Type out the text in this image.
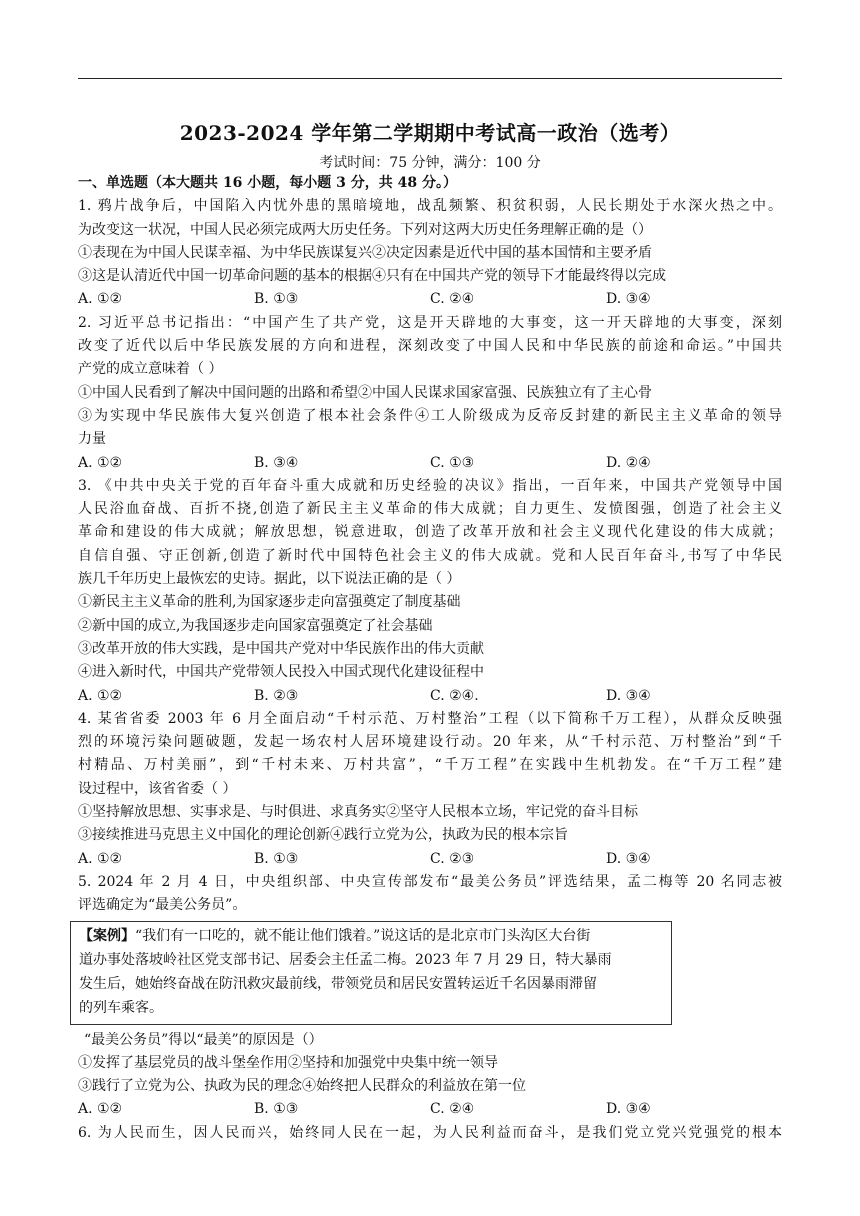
2023-2024 学年第二学期期中考试高一政治（选考）
考试时间：75 分钟，满分：100 分
一、单选题（本大题共 16 小题，每小题 3 分，共 48 分。）
1. 鸦片战争后，中国陷入内忧外患的黑暗境地，战乱频繁、积贫积弱，人民长期处于水深火热之中。
为改变这一状况，中国人民必须完成两大历史任务。下列对这两大历史任务理解正确的是（）
①表现在为中国人民谋幸福、为中华民族谋复兴②决定因素是近代中国的基本国情和主要矛盾
③这是认清近代中国一切革命问题的基本的根据④只有在中国共产党的领导下才能最终得以完成
A. ①②	B. ①③	C. ②④	D. ③④
2. 习近平总书记指出：“中国产生了共产党，这是开天辟地的大事变，这一开天辟地的大事变，深刻
改变了近代以后中华民族发展的方向和进程，深刻改变了中国人民和中华民族的前途和命运。”中国共
产党的成立意味着（ ）
①中国人民看到了解决中国问题的出路和希望②中国人民谋求国家富强、民族独立有了主心骨
③为实现中华民族伟大复兴创造了根本社会条件④工人阶级成为反帝反封建的新民主主义革命的领导
力量
A. ①②	B. ③④	C. ①③	D. ②④
3. 《中共中央关于党的百年奋斗重大成就和历史经验的决议》指出，一百年来，中国共产党领导中国
人民浴血奋战、百折不挠,创造了新民主主义革命的伟大成就；自力更生、发愤图强，创造了社会主义
革命和建设的伟大成就；解放思想，锐意进取，创造了改革开放和社会主义现代化建设的伟大成就；
自信自强、守正创新,创造了新时代中国特色社会主义的伟大成就。党和人民百年奋斗,书写了中华民
族几千年历史上最恢宏的史诗。据此，以下说法正确的是（ ）
①新民主主义革命的胜利,为国家逐步走向富强奠定了制度基础
②新中国的成立,为我国逐步走向国家富强奠定了社会基础
③改革开放的伟大实践，是中国共产党对中华民族作出的伟大贡献
④进入新时代，中国共产党带领人民投入中国式现代化建设征程中
A. ①②	B. ②③	C. ②④.	D. ③④
4. 某省省委 2003 年 6 月全面启动“千村示范、万村整治”工程（以下简称千万工程），从群众反映强
烈的环境污染问题破题，发起一场农村人居环境建设行动。20 年来，从“千村示范、万村整治”到“千
村精品、万村美丽”，到“千村未来、万村共富”，“千万工程”在实践中生机勃发。在“千万工程”建
设过程中，该省省委（ ）
①坚持解放思想、实事求是、与时俱进、求真务实②坚守人民根本立场，牢记党的奋斗目标
③接续推进马克思主义中国化的理论创新④践行立党为公，执政为民的根本宗旨
A. ①②	B. ①③	C. ②③	D. ③④
5. 2024 年 2 月 4 日，中央组织部、中央宣传部发布“最美公务员”评选结果，孟二梅等 20 名同志被
评选确定为“最美公务员”。
【案例】“我们有一口吃的，就不能让他们饿着。”说这话的是北京市门头沟区大台街
道办事处落坡岭社区党支部书记、居委会主任孟二梅。2023 年 7 月 29 日，特大暴雨
发生后，她始终奋战在防汛救灾最前线，带领党员和居民安置转运近千名因暴雨滞留
的列车乘客。
“最美公务员”得以“最美”的原因是（）
①发挥了基层党员的战斗堡垒作用②坚持和加强党中央集中统一领导
③践行了立党为公、执政为民的理念④始终把人民群众的利益放在第一位
A. ①②	B. ①③	C. ②④	D. ③④
6. 为人民而生，因人民而兴，始终同人民在一起，为人民利益而奋斗，是我们党立党兴党强党的根本
